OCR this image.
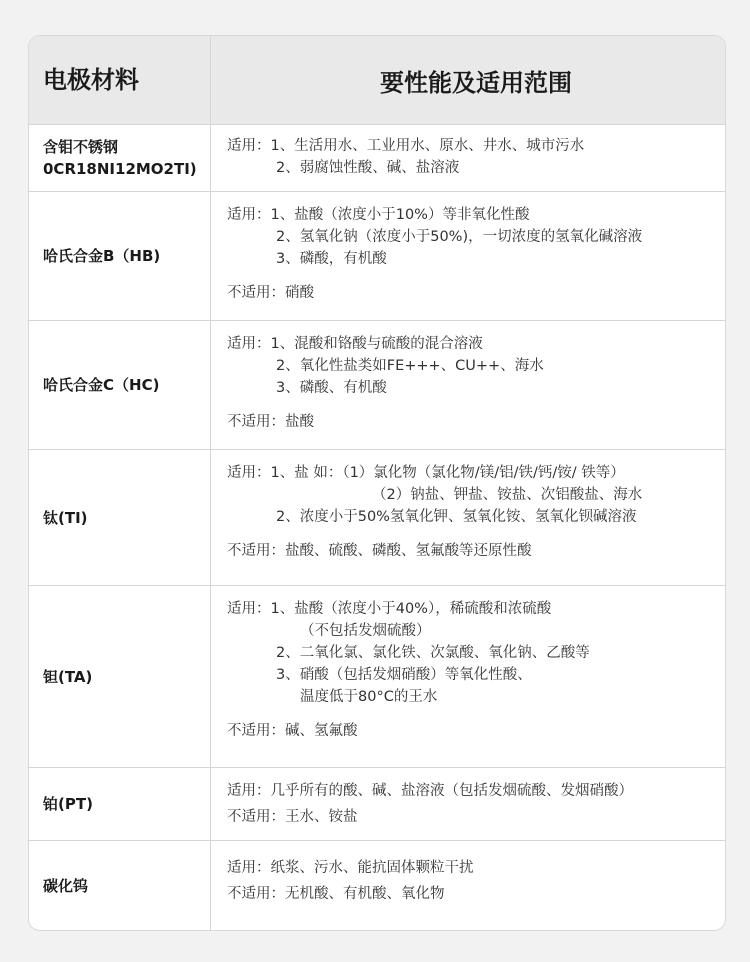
电极材料	要性能及适用范围
含钼不锈钢
0CR18NI12MO2TI)
适用：1、生活用水、工业用水、原水、井水、城市污水
2、弱腐蚀性酸、碱、盐溶液
哈氏合金B（HB)
适用：1、盐酸（浓度小于10%）等非氧化性酸
2、氢氧化钠（浓度小于50%)，一切浓度的氢氧化碱溶液
3、磷酸，有机酸
不适用：硝酸
哈氏合金C（HC)
适用：1、混酸和铬酸与硫酸的混合溶液
2、氧化性盐类如FE+++、CU++、海水
3、磷酸、有机酸
不适用：盐酸
钛(TI)
适用：1、盐 如：（1）氯化物（氯化物/镁/铝/铁/钙/铵/ 铁等）
（2）钠盐、钾盐、铵盐、次铝酸盐、海水
2、浓度小于50%氢氧化钾、氢氧化铵、氢氧化钡碱溶液
不适用：盐酸、硫酸、磷酸、氢氟酸等还原性酸
钽(TA)
适用：1、盐酸（浓度小于40%），稀硫酸和浓硫酸
（不包括发烟硫酸）
2、二氧化氯、氯化铁、次氯酸、氧化钠、乙酸等
3、硝酸（包括发烟硝酸）等氧化性酸、
温度低于80°C的王水
不适用：碱、氢氟酸
铂(PT)
适用：几乎所有的酸、碱、盐溶液（包括发烟硫酸、发烟硝酸）
不适用：王水、铵盐
碳化钨
适用：纸浆、污水、能抗固体颗粒干扰
不适用：无机酸、有机酸、氧化物
